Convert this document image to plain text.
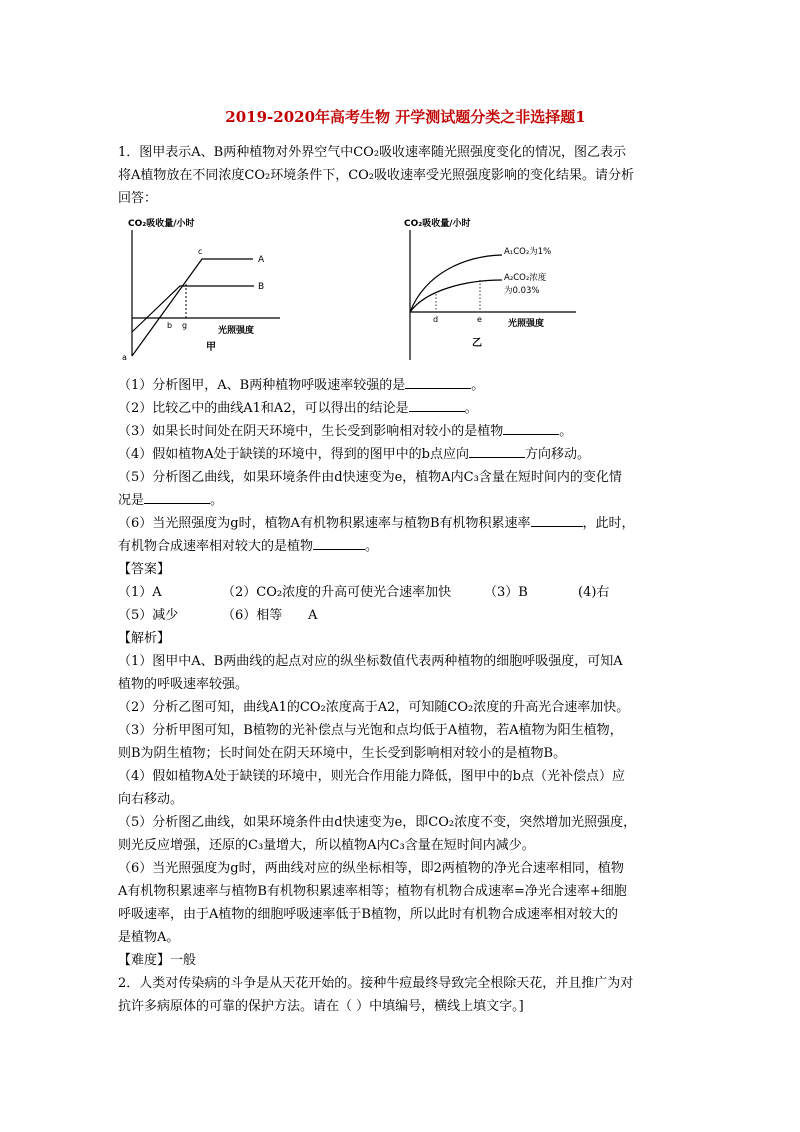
2019-2020年高考生物 开学测试题分类之非选择题1

1．图甲表示A、B两种植物对外界空气中CO₂吸收速率随光照强度变化的情况，图乙表示

将A植物放在不同浓度CO₂环境条件下，CO₂吸收速率受光照强度影响的变化结果。请分析

回答：

CO₂吸收量/小时
A
B
c
b g
a
光照强度
甲
CO₂吸收量/小时
A₁CO₂为1%
A₂CO₂浓度
为0.03%
d	e	光照强度
乙

（1）分析图甲，A、B两种植物呼吸速率较强的是	。

（2）比较乙中的曲线A1和A2，可以得出的结论是	。

（3）如果长时间处在阴天环境中，生长受到影响相对较小的是植物	。

（4）假如植物A处于缺镁的环境中，得到的图甲中的b点应向	方向移动。

（5）分析图乙曲线，如果环境条件由d快速变为e，植物A内C₃含量在短时间内的变化情

况是	。

（6）当光照强度为g时，植物A有机物积累速率与植物B有机物积累速率	，此时，

有机物合成速率相对较大的是植物	。

【答案】

（1）A	（2）CO₂浓度的升高可使光合速率加快	（3）B	(4)右

（5）减少	（6）相等 A

【解析】

（1）图甲中A、B两曲线的起点对应的纵坐标数值代表两种植物的细胞呼吸强度，可知A

植物的呼吸速率较强。

（2）分析乙图可知，曲线A1的CO₂浓度高于A2，可知随CO₂浓度的升高光合速率加快。

（3）分析甲图可知，B植物的光补偿点与光饱和点均低于A植物，若A植物为阳生植物，

则B为阴生植物；长时间处在阴天环境中，生长受到影响相对较小的是植物B。

（4）假如植物A处于缺镁的环境中，则光合作用能力降低，图甲中的b点（光补偿点）应

向右移动。

（5）分析图乙曲线，如果环境条件由d快速变为e，即CO₂浓度不变，突然增加光照强度，

则光反应增强，还原的C₃量增大，所以植物A内C₃含量在短时间内减少。

（6）当光照强度为g时，两曲线对应的纵坐标相等，即2两植物的净光合速率相同，植物

A有机物积累速率与植物B有机物积累速率相等；植物有机物合成速率=净光合速率+细胞

呼吸速率，由于A植物的细胞呼吸速率低于B植物，所以此时有机物合成速率相对较大的

是植物A。

【难度】一般

2．人类对传染病的斗争是从天花开始的。接种牛痘最终导致完全根除天花，并且推广为对

抗许多病原体的可靠的保护方法。请在（ ）中填编号，横线上填文字。]
